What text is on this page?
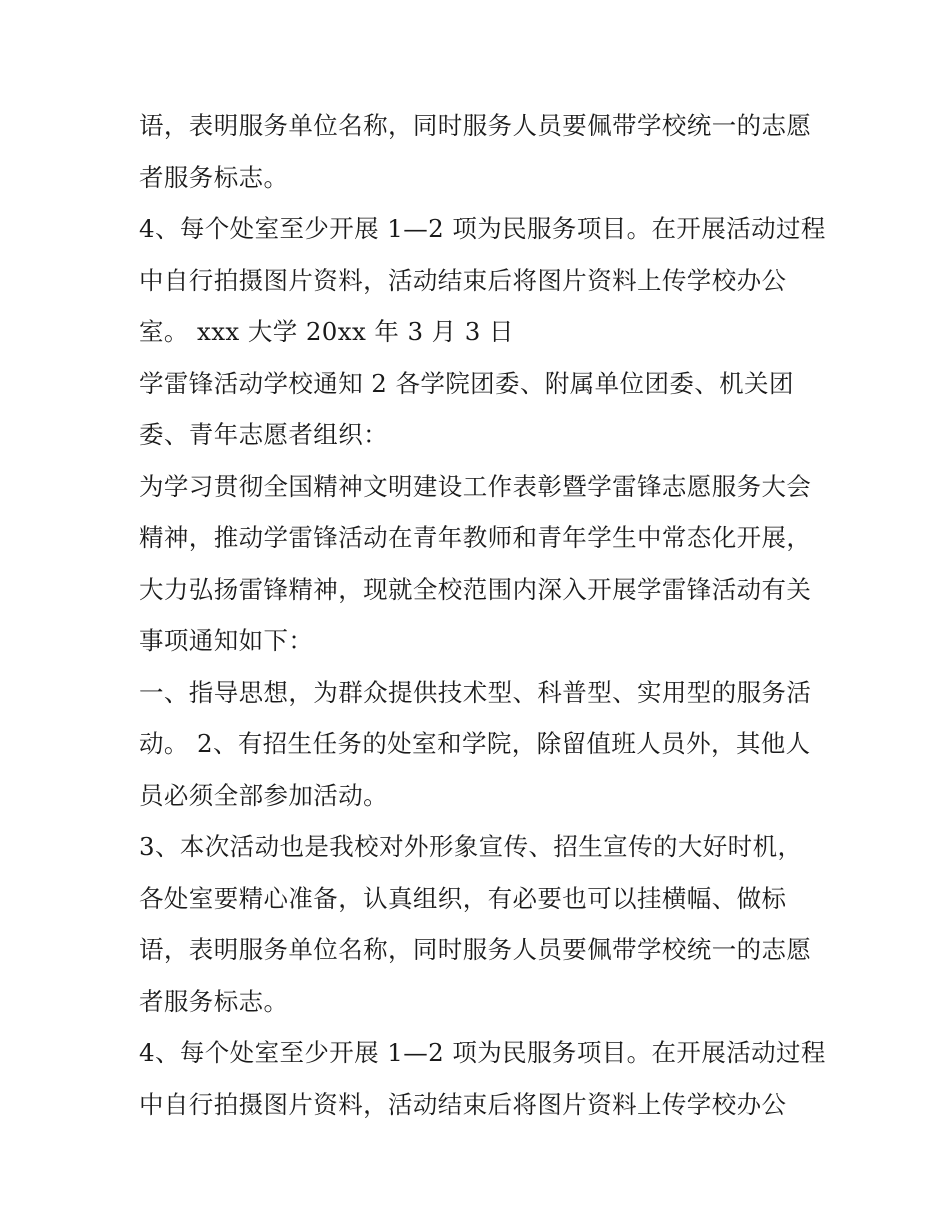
语，表明服务单位名称，同时服务人员要佩带学校统一的志愿
者服务标志。
4、每个处室至少开展 1—2 项为民服务项目。在开展活动过程
中自行拍摄图片资料，活动结束后将图片资料上传学校办公
室。 xxx 大学 20xx 年 3 月 3 日
学雷锋活动学校通知 2 各学院团委、附属单位团委、机关团
委、青年志愿者组织：
为学习贯彻全国精神文明建设工作表彰暨学雷锋志愿服务大会
精神，推动学雷锋活动在青年教师和青年学生中常态化开展，
大力弘扬雷锋精神，现就全校范围内深入开展学雷锋活动有关
事项通知如下：
一、指导思想，为群众提供技术型、科普型、实用型的服务活
动。 2、有招生任务的处室和学院，除留值班人员外，其他人
员必须全部参加活动。
3、本次活动也是我校对外形象宣传、招生宣传的大好时机，
各处室要精心准备，认真组织，有必要也可以挂横幅、做标
语，表明服务单位名称，同时服务人员要佩带学校统一的志愿
者服务标志。
4、每个处室至少开展 1—2 项为民服务项目。在开展活动过程
中自行拍摄图片资料，活动结束后将图片资料上传学校办公
